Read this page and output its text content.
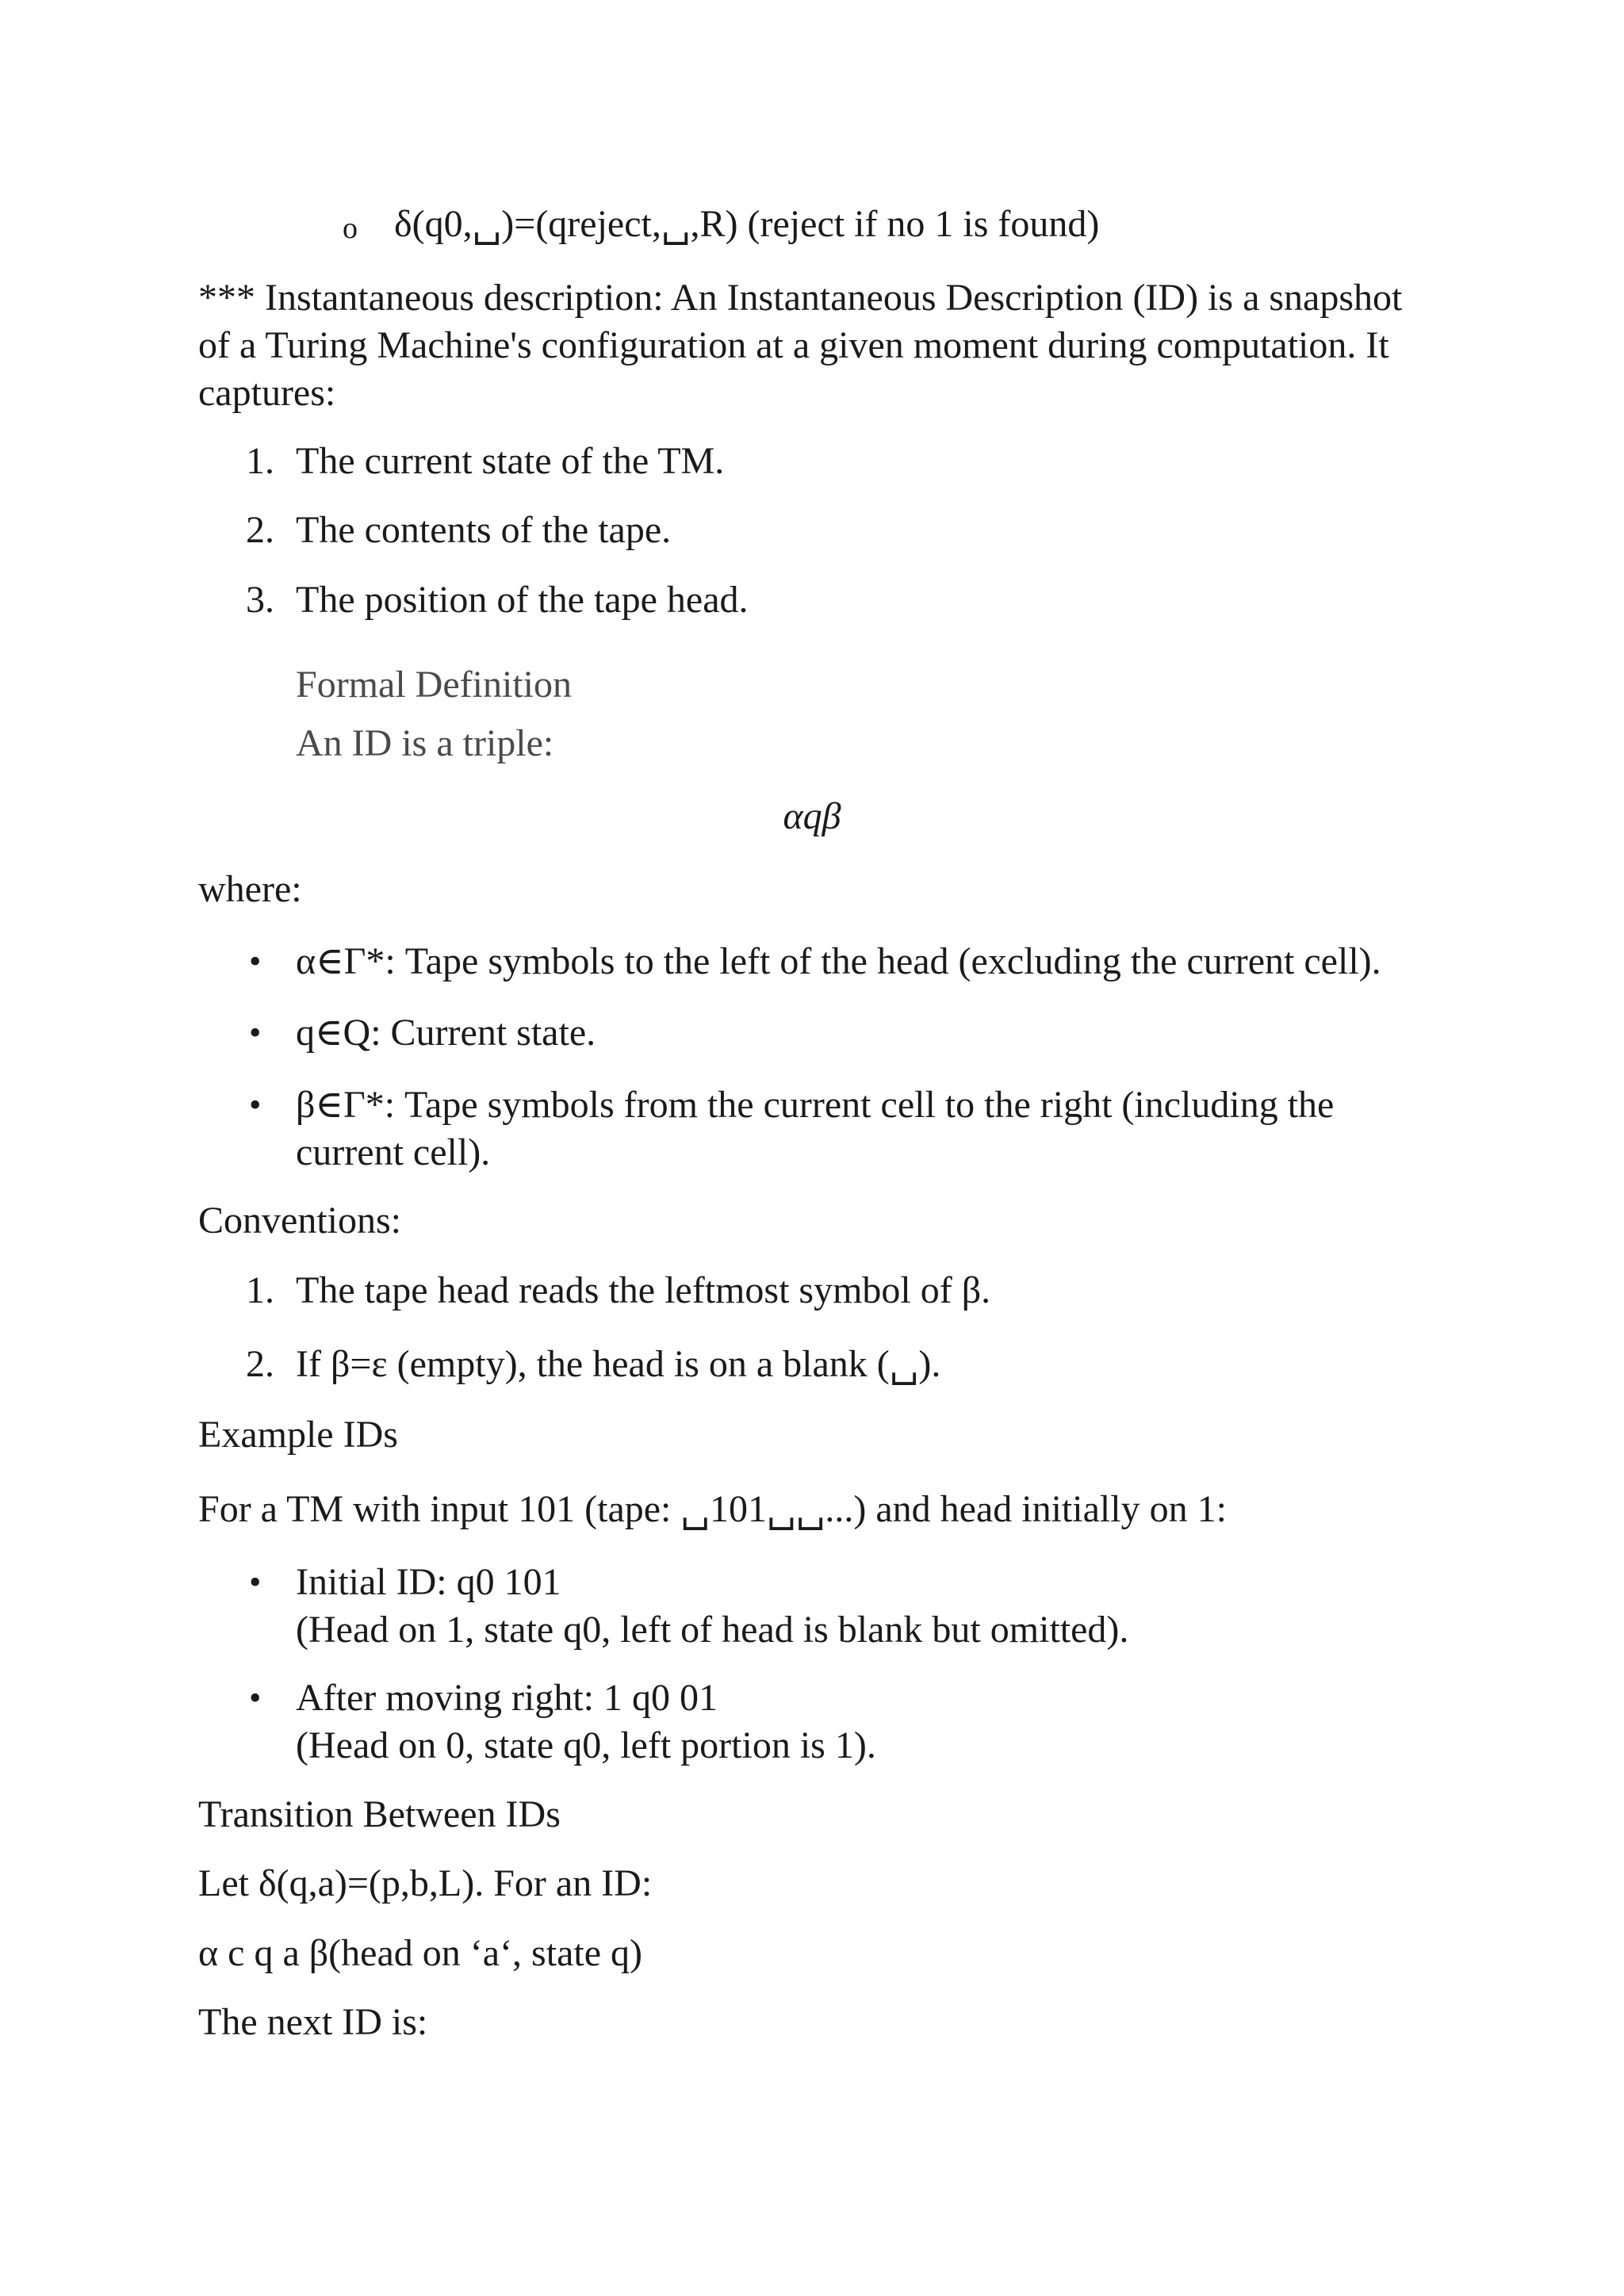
o δ(q0,␣)=(qreject,␣,R) (reject if no 1 is found)

*** Instantaneous description: An Instantaneous Description (ID) is a snapshot

of a Turing Machine's configuration at a given moment during computation. It

captures:

1. The current state of the TM.

2. The contents of the tape.

3. The position of the tape head.

Formal Definition

An ID is a triple:

αqβ

where:

• α∈Γ*: Tape symbols to the left of the head (excluding the current cell).

• q∈Q: Current state.

• β∈Γ*: Tape symbols from the current cell to the right (including the

current cell).

Conventions:

1. The tape head reads the leftmost symbol of β.

2. If β=ε (empty), the head is on a blank (␣).

Example IDs

For a TM with input 101 (tape: ␣101␣␣...) and head initially on 1:

• Initial ID: q0 101

(Head on 1, state q0, left of head is blank but omitted).

• After moving right: 1 q0 01

(Head on 0, state q0, left portion is 1).

Transition Between IDs

Let δ(q,a)=(p,b,L). For an ID:

α c q a β(head on ‘a‘, state q)

The next ID is:
